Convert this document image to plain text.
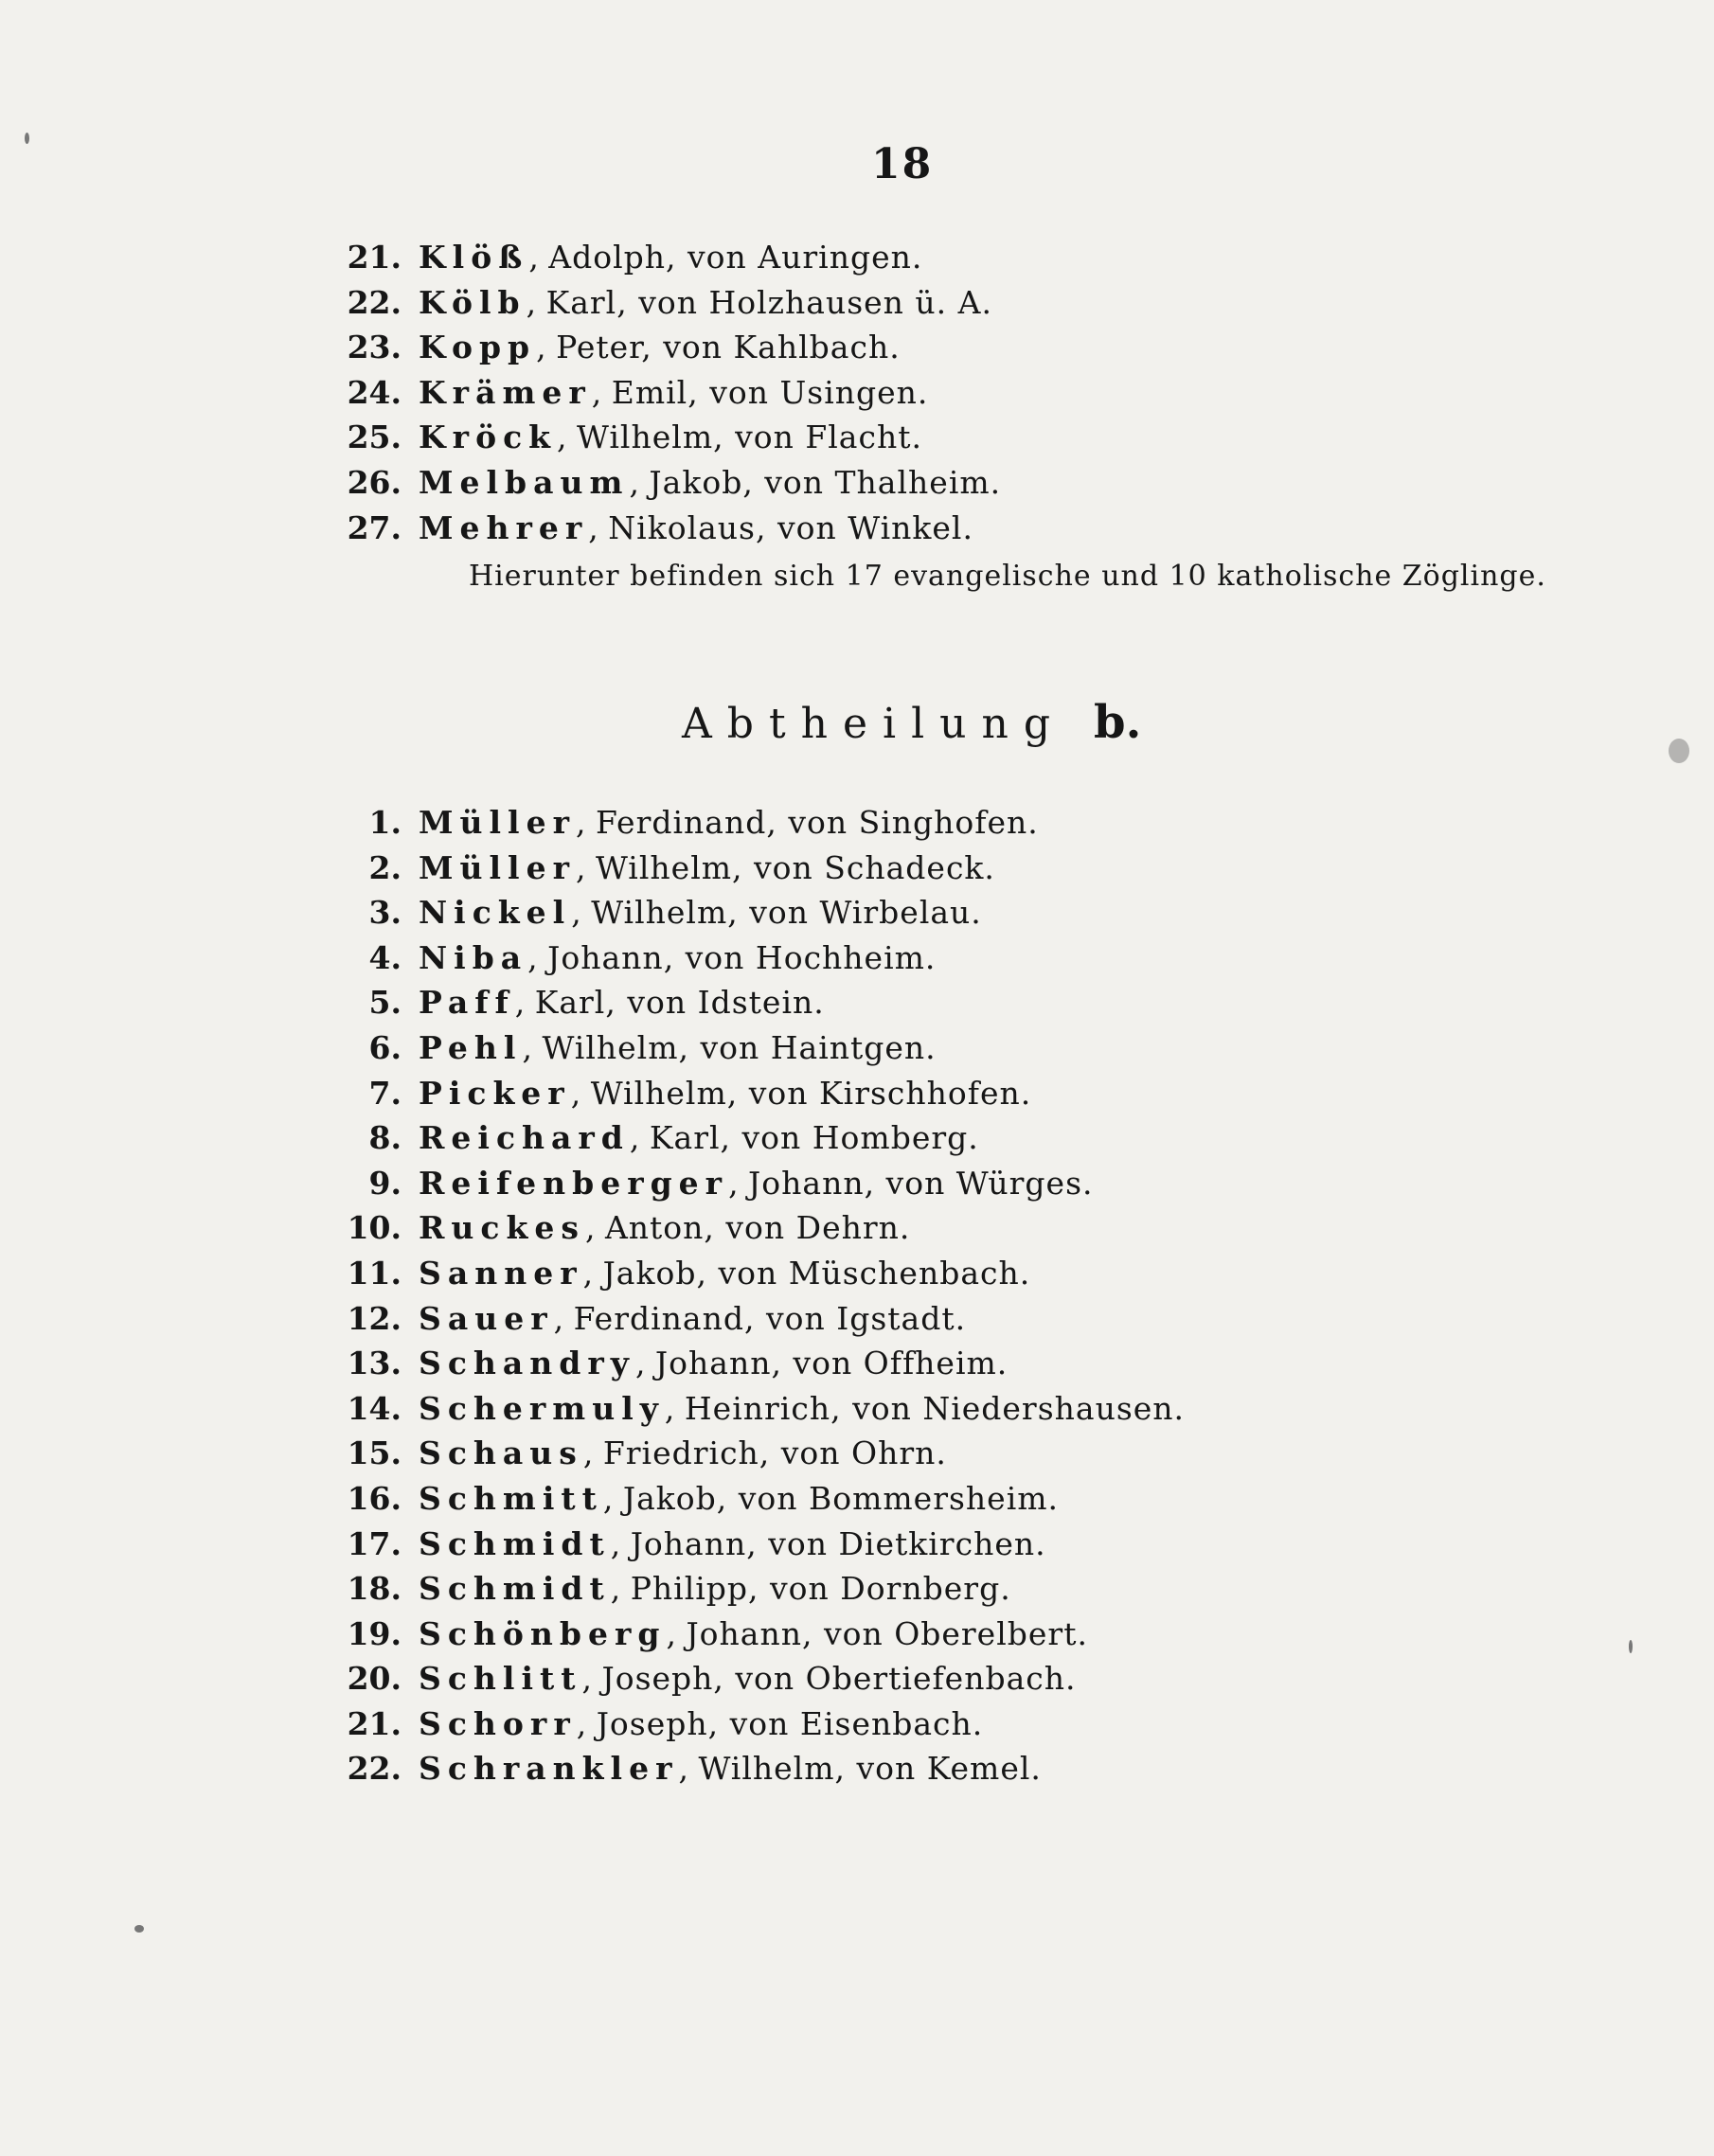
18
21. Klöß, Adolph, von Auringen.
22. Kölb, Karl, von Holzhausen ü. A.
23. Kopp, Peter, von Kahlbach.
24. Krämer, Emil, von Usingen.
25. Kröck, Wilhelm, von Flacht.
26. Melbaum, Jakob, von Thalheim.
27. Mehrer, Nikolaus, von Winkel.
Hierunter befinden sich 17 evangelische und 10 katholische Zöglinge.
Abtheilung b.
1. Müller, Ferdinand, von Singhofen.
2. Müller, Wilhelm, von Schadeck.
3. Nickel, Wilhelm, von Wirbelau.
4. Niba, Johann, von Hochheim.
5. Paff, Karl, von Idstein.
6. Pehl, Wilhelm, von Haintgen.
7. Picker, Wilhelm, von Kirschhofen.
8. Reichard, Karl, von Homberg.
9. Reifenberger, Johann, von Würges.
10. Ruckes, Anton, von Dehrn.
11. Sanner, Jakob, von Müschenbach.
12. Sauer, Ferdinand, von Igstadt.
13. Schandry, Johann, von Offheim.
14. Schermuly, Heinrich, von Niedershausen.
15. Schaus, Friedrich, von Ohrn.
16. Schmitt, Jakob, von Bommersheim.
17. Schmidt, Johann, von Dietkirchen.
18. Schmidt, Philipp, von Dornberg.
19. Schönberg, Johann, von Oberelbert.
20. Schlitt, Joseph, von Obertiefenbach.
21. Schorr, Joseph, von Eisenbach.
22. Schrankler, Wilhelm, von Kemel.
